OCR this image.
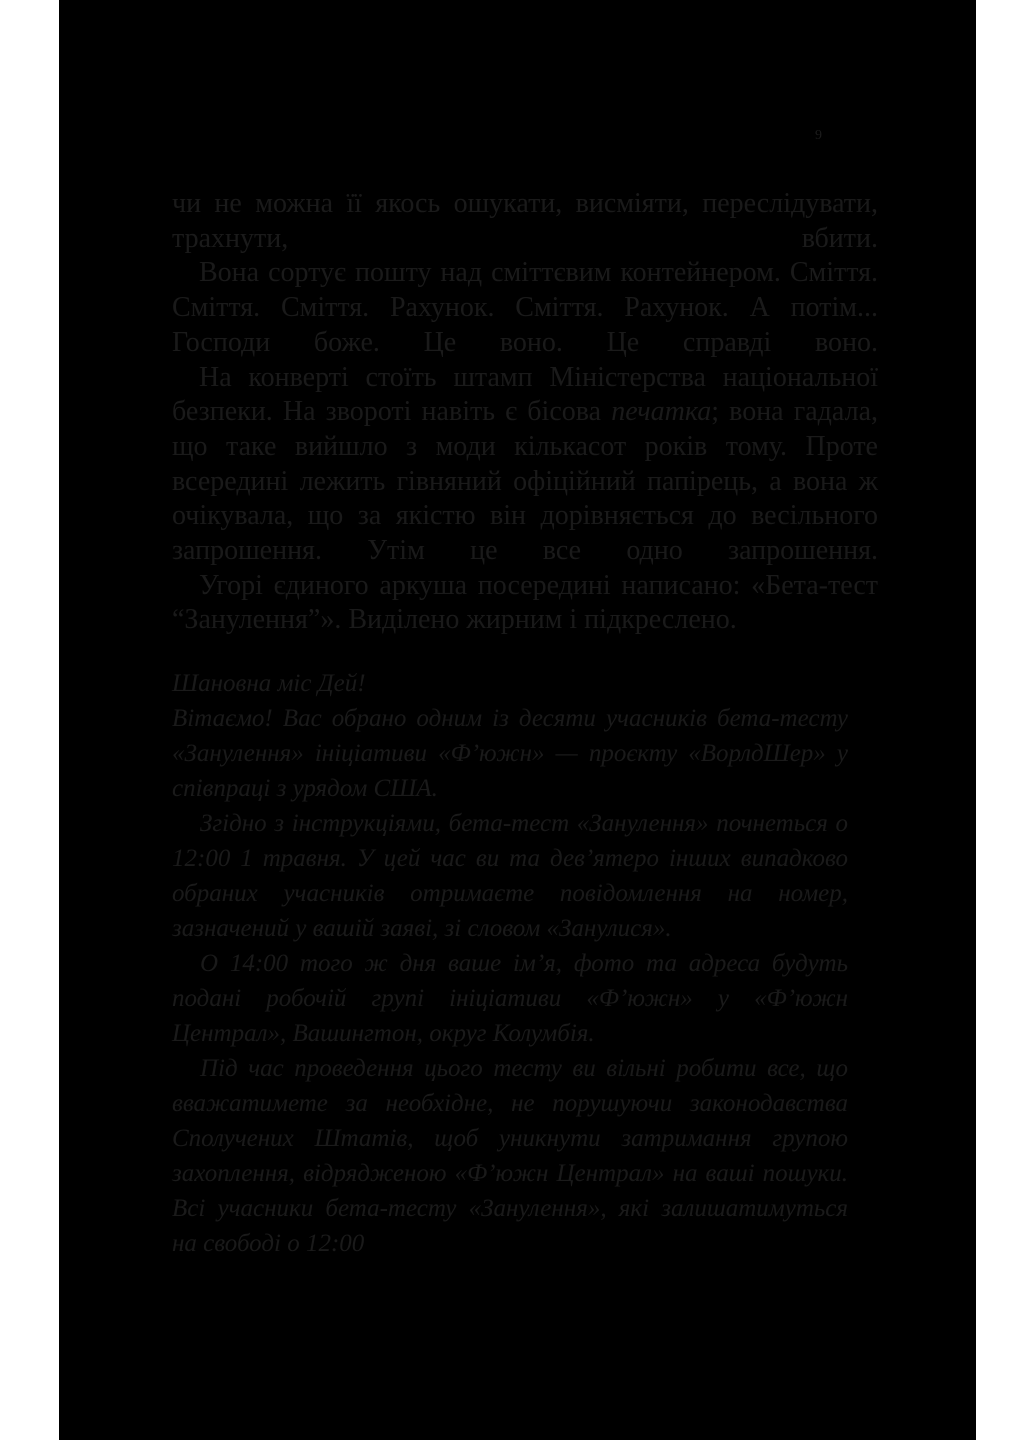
9

чи не можна її якось ошукати, висміяти, переслідувати, трахнути, вбити.

Вона сортує пошту над сміттєвим контейнером. Сміття. Сміття. Сміття. Рахунок. Сміття. Рахунок. А потім... Господи боже. Це воно. Це справді воно.

На конверті стоїть штамп Міністерства національної безпеки. На звороті навіть є бісова печатка; вона гадала, що таке вийшло з моди кількасот років тому. Проте всередині лежить гівняний офіційний папірець, а вона ж очікувала, що за якістю він дорівняється до весільного запрошення. Утім це все одно запрошення.

Угорі єдиного аркуша посередині написано: «Бета-тест “Занулення”». Виділено жирним і підкреслено.

Шановна міс Дей!

Вітаємо! Вас обрано одним із десяти учасників бета-тесту «Занулення» ініціативи «Ф’южн» — проєкту «ВорлдШер» у співпраці з урядом США.

Згідно з інструкціями, бета-тест «Занулення» почнеться о 12:00 1 травня. У цей час ви та дев’ятеро інших випадково обраних учасників отримаєте повідомлення на номер, зазначений у вашій заяві, зі словом «Занулися».

О 14:00 того ж дня ваше ім’я, фото та адреса будуть подані робочій групі ініціативи «Ф’южн» у «Ф’южн Централ», Вашингтон, округ Колумбія.

Під час проведення цього тесту ви вільні робити все, що вважатимете за необхідне, не порушуючи законодавства Сполучених Штатів, щоб уникнути затримання групою захоплення, відрядженою «Ф’южн Централ» на ваші пошуки. Всі учасники бета-тесту «Занулення», які залишатимуться на свободі о 12:00
